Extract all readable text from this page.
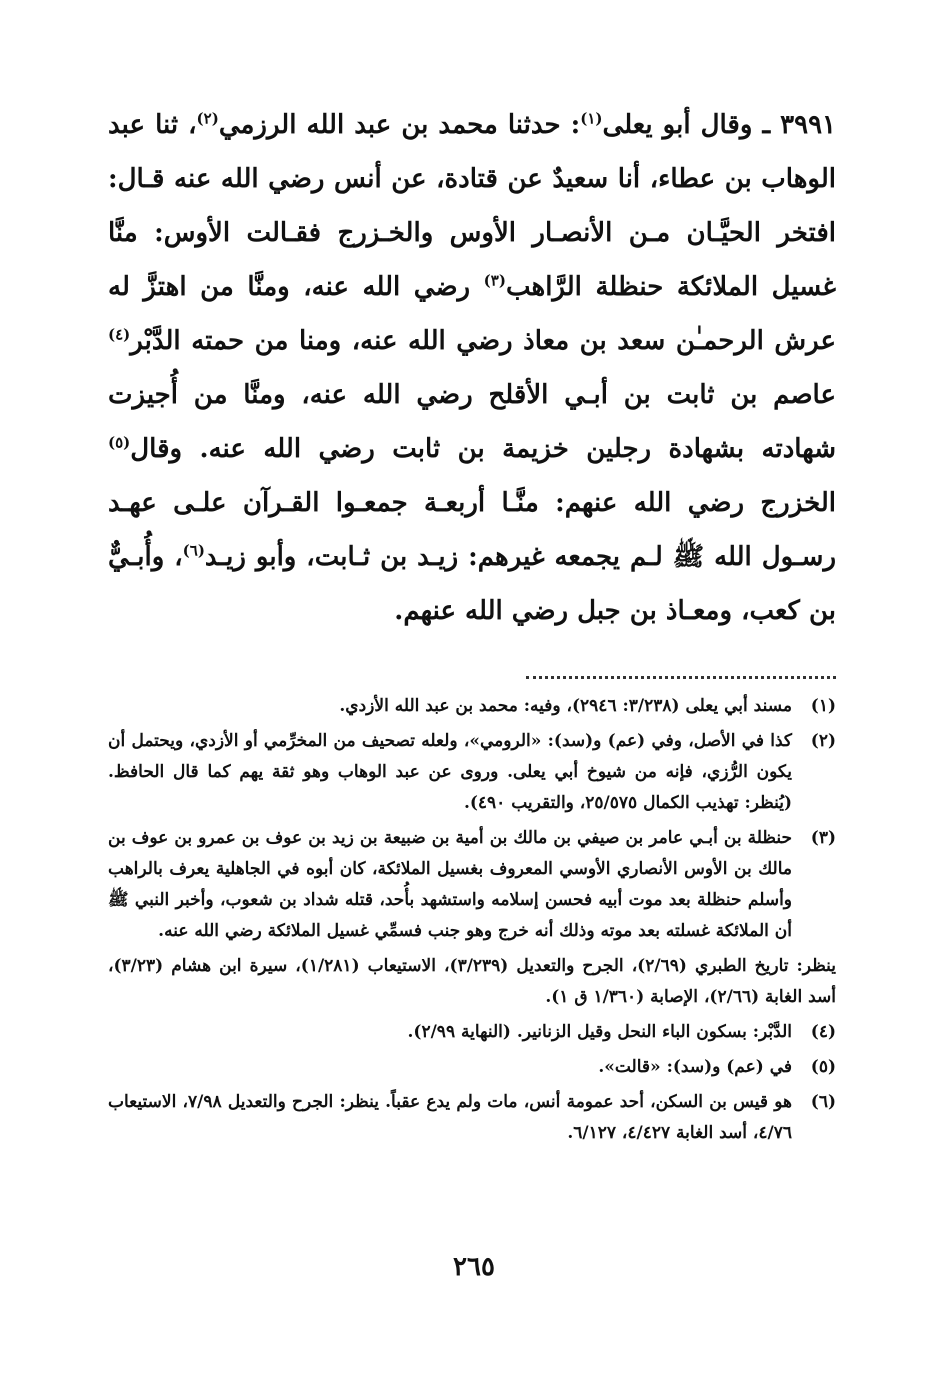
٣٩٩١ ـ وقال أبو يعلى$^{(١)}$: حدثنا محمد بن عبد الله الرزمي$^{(٢)}$، ثنا عبد الوهاب بن عطاء، أنا سعيدٌ عن قتادة، عن أنس رضي الله عنه قـال: افتخر الحيَّـان مـن الأنصـار الأوس والخـزرج فقـالت الأوس: منَّا غسيل الملائكة حنظلة الرَّاهب$^{(٣)}$ رضي الله عنه، ومنَّا من اهتزَّ له عرش الرحمـٰن سعد بن معاذ رضي الله عنه، ومنا من حمته الدَّبْر$^{(٤)}$ عاصم بن ثابت بن أبـي الأقلح رضي الله عنه، ومنَّا من أُجيزت شهادته بشهادة رجلين خزيمة بن ثابت رضي الله عنه. وقال$^{(٥)}$ الخزرج رضي الله عنهم: منَّـا أربعـة جمعـوا القـرآن علـى عهـد رسـول الله ﷺ لـم يجمعه غيرهم: زيـد بن ثـابت، وأبو زيـد$^{(٦)}$، وأُبـيٌّ بن كعب، ومعـاذ بن جبل رضي الله عنهم.

(١)
مسند أبي يعلى (٣/٢٣٨: ٢٩٤٦)، وفيه: محمد بن عبد الله الأزدي.
(٢)
كذا في الأصل، وفي (عم) و(سد): «الرومي»، ولعله تصحيف من المخرِّمي أو الأزدي، ويحتمل أن يكون الرُّزي، فإنه من شيوخ أبي يعلى. وروى عن عبد الوهاب وهو ثقة يهم كما قال الحافظ. (يُنظر: تهذيب الكمال ٢٥/٥٧٥، والتقريب ٤٩٠).
(٣)
حنظلة بن أبـي عامر بن صيفي بن مالك بن أمية بن ضبيعة بن زيد بن عوف بن عمرو بن عوف بن مالك بن الأوس الأنصاري الأوسي المعروف بغسيل الملائكة، كان أبوه في الجاهلية يعرف بالراهب وأسلم حنظلة بعد موت أبيه فحسن إسلامه واستشهد بأُحد، قتله شداد بن شعوب، وأخبر النبي ﷺ أن الملائكة غسلته بعد موته وذلك أنه خرج وهو جنب فسمِّي غسيل الملائكة رضي الله عنه.
ينظر: تاريخ الطبري (٢/٦٩)، الجرح والتعديل (٣/٢٣٩)، الاستيعاب (١/٢٨١)، سيرة ابن هشام (٣/٢٣)، أسد الغابة (٢/٦٦)، الإصابة (١/٣٦٠ ق ١).
(٤)
الدَّبْر: بسكون الباء النحل وقيل الزنانير. (النهاية ٢/٩٩).
(٥)
في (عم) و(سد): «قالت».
(٦)
هو قيس بن السكن، أحد عمومة أنس، مات ولم يدع عقباً. ينظر: الجرح والتعديل ٧/٩٨، الاستيعاب ٤/٧٦، أسد الغابة ٤/٤٢٧، ٦/١٢٧.
٢٦٥
